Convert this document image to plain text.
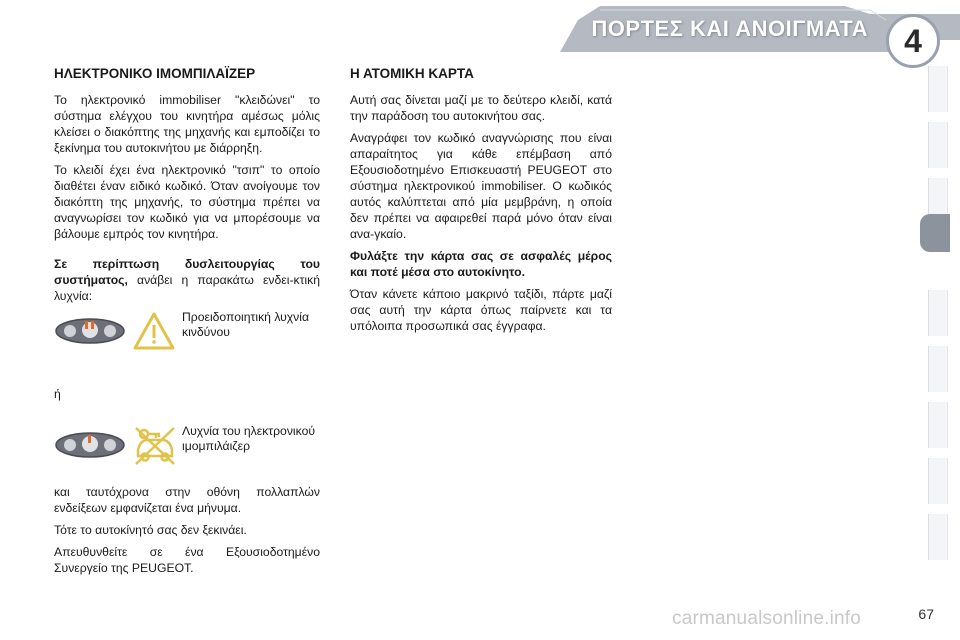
ΠΟΡΤΕΣ ΚΑΙ ΑΝΟΙΓΜΑΤΑ	4
ΗΛΕΚΤΡΟΝΙΚΟ ΙΜΟΜΠΙΛΑΪΖΕΡ

Το ηλεκτρονικό immobiliser "κλειδώνει" το σύστημα ελέγχου του κινητήρα αμέσως μόλις κλείσει ο διακόπτης της μηχανής και εμποδίζει το ξεκίνημα του αυτοκινήτου με διάρρηξη.

Το κλειδί έχει ένα ηλεκτρονικό "τσιπ" το οποίο διαθέτει έναν ειδικό κωδικό. Όταν ανοίγουμε τον διακόπτη της μηχανής, το σύστημα πρέπει να αναγνωρίσει τον κωδικό για να μπορέσουμε να βάλουμε εμπρός τον κινητήρα.

Σε περίπτωση δυσλειτουργίας του συστήματος, ανάβει η παρακάτω ενδει-κτική λυχνία:

Προειδοποιητική λυχνία κινδύνου
ή
Λυχνία του ηλεκτρονικού ιμομπιλάιζερ

και ταυτόχρονα στην οθόνη πολλαπλών ενδείξεων εμφανίζεται ένα μήνυμα.

Τότε το αυτοκίνητό σας δεν ξεκινάει.

Απευθυνθείτε σε ένα Εξουσιοδοτημένο Συνεργείο της PEUGEOT.

Η ΑΤΟΜΙΚΗ ΚΑΡΤΑ

Αυτή σας δίνεται μαζί με το δεύτερο κλειδί, κατά την παράδοση του αυτοκινήτου σας.

Αναγράφει τον κωδικό αναγνώρισης που είναι απαραίτητος για κάθε επέμβαση από Εξουσιοδοτημένο Επισκευαστή PEUGEOT στο σύστημα ηλεκτρονικού immobiliser. Ο κωδικός αυτός καλύπτεται από μία μεμβράνη, η οποία δεν πρέπει να αφαιρεθεί παρά μόνο όταν είναι ανα-γκαίο.

Φυλάξτε την κάρτα σας σε ασφαλές μέρος και ποτέ μέσα στο αυτοκίνητο.

Όταν κάνετε κάποιο μακρινό ταξίδι, πάρτε μαζί σας αυτή την κάρτα όπως παίρνετε και τα υπόλοιπα προσωπικά σας έγγραφα.

carmanualsonline.info	67
